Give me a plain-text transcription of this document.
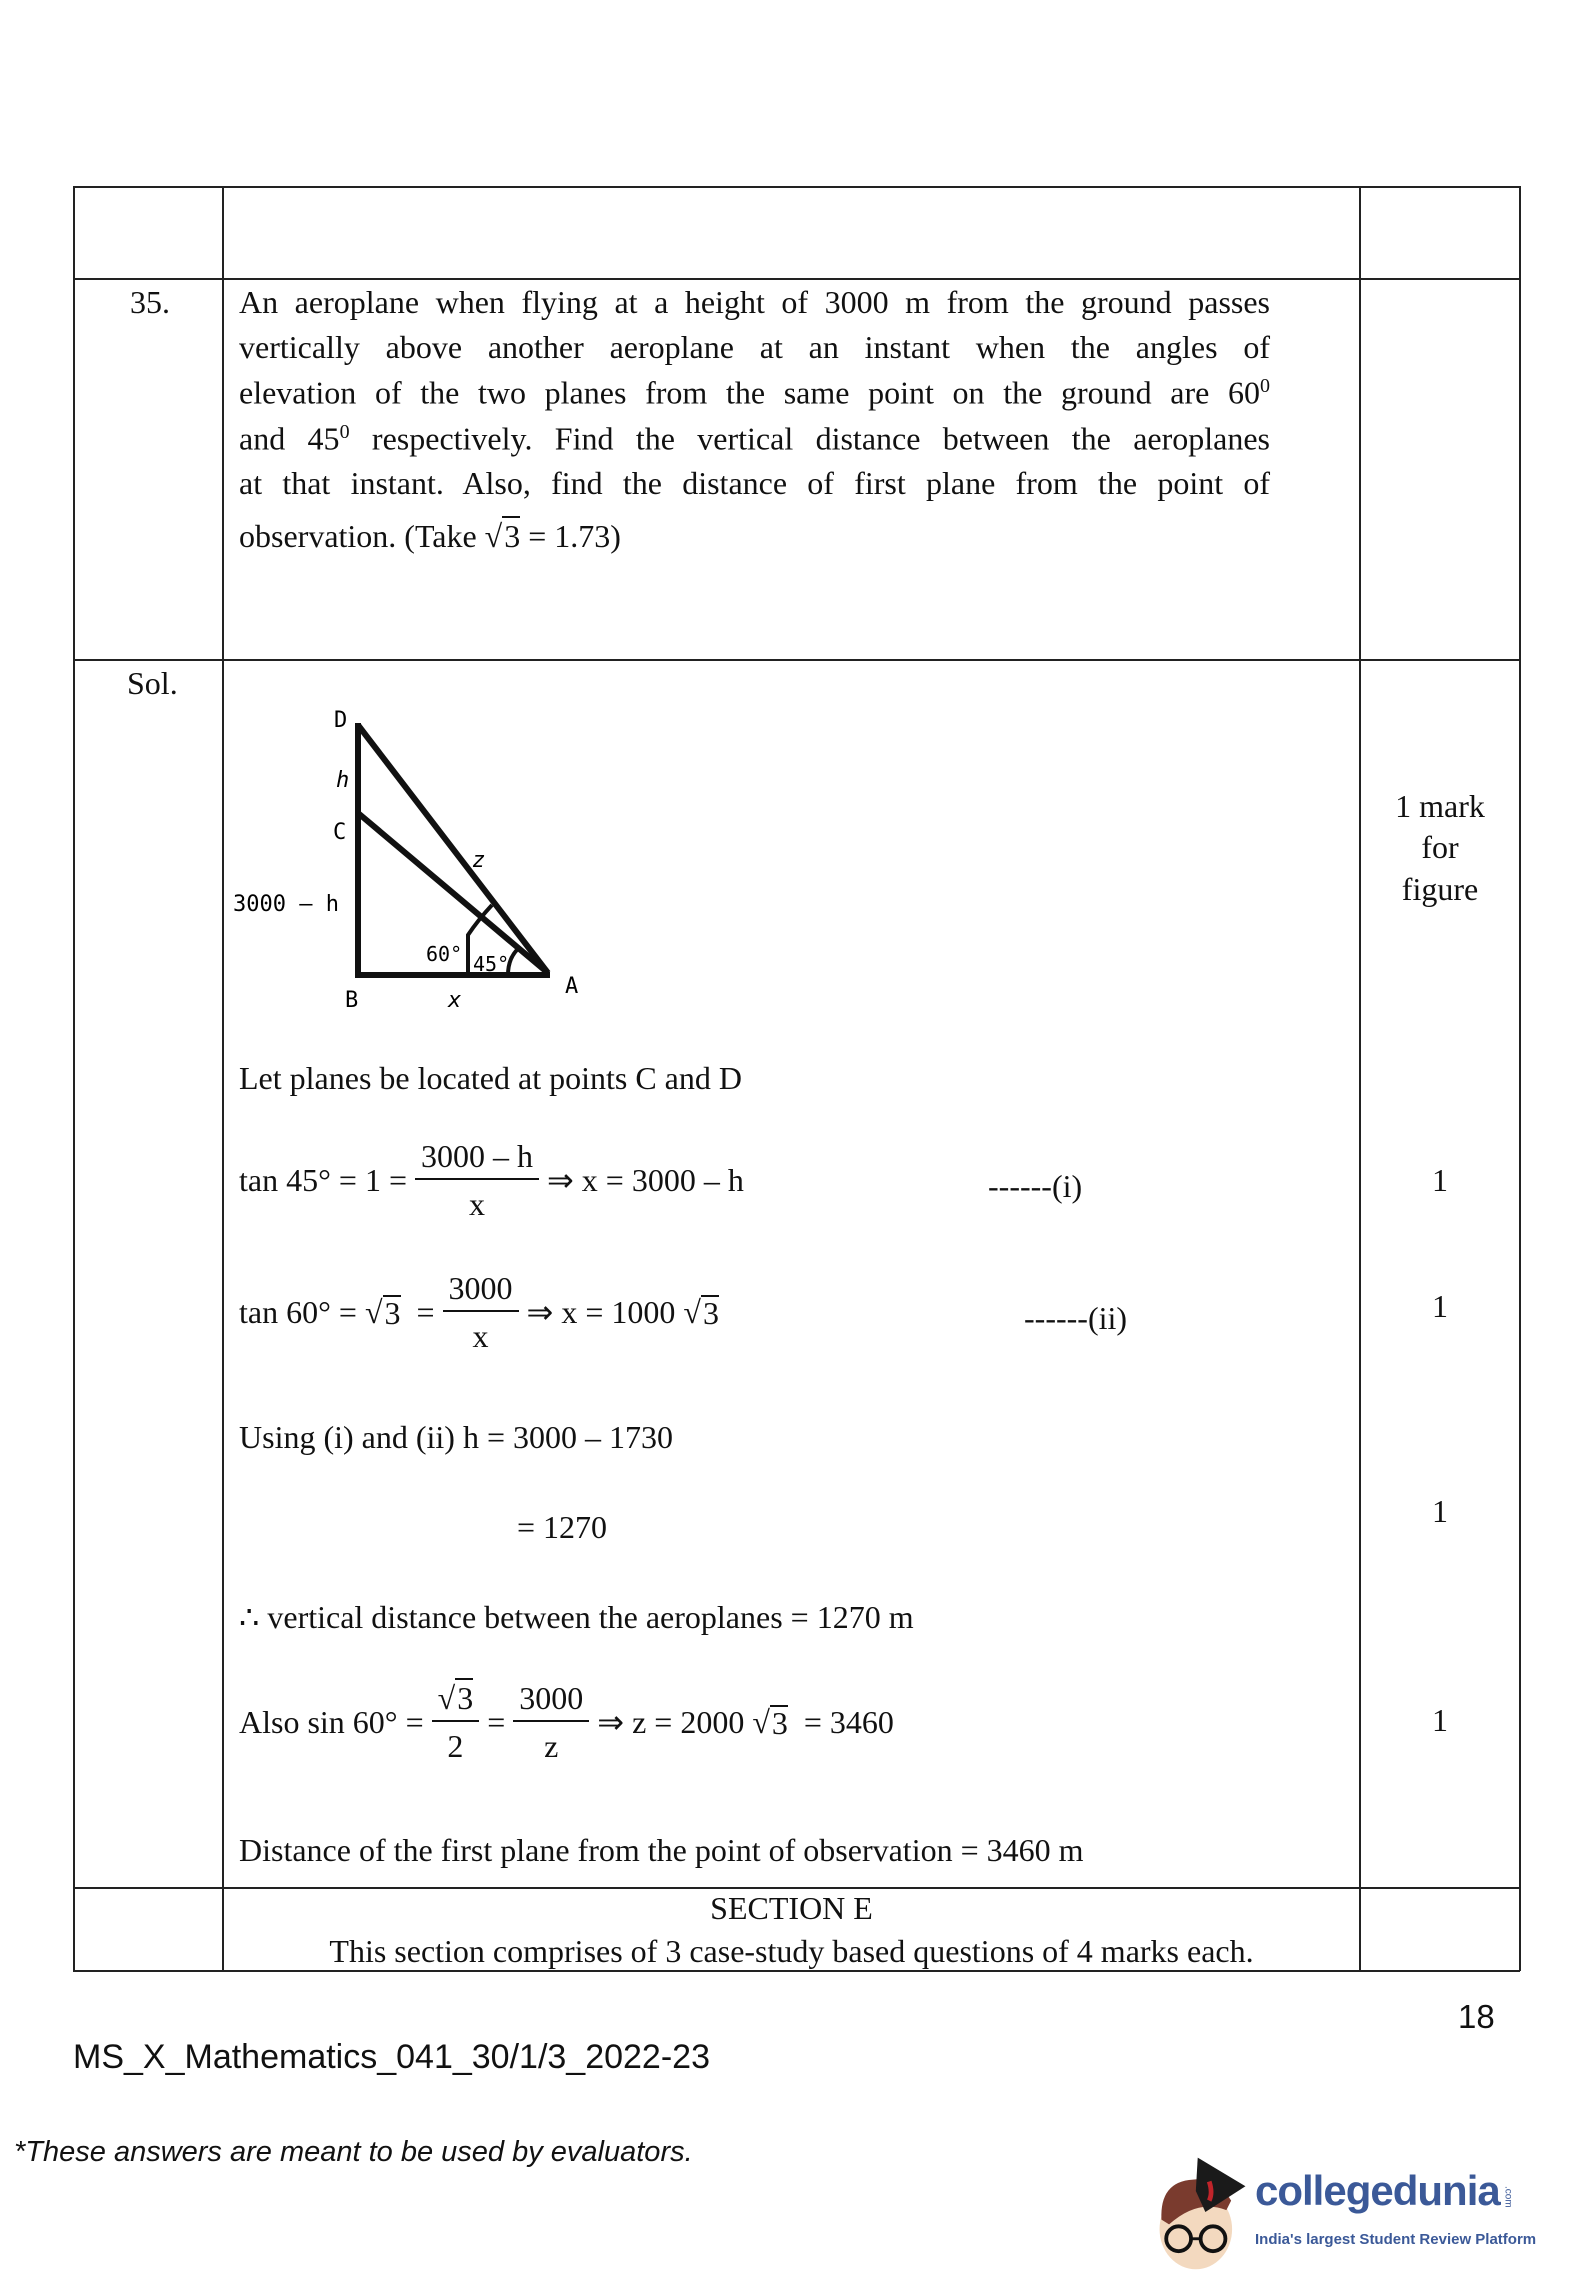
35. An aeroplane when flying at a height of 3000 m from the ground passes
vertically above another aeroplane at an instant when the angles of
elevation of the two planes from the same point on the ground are $60^0$
and $45^0$ respectively. Find the vertical distance between the aeroplanes
at that instant. Also, find the distance of first plane from the point of
observation. (Take √3 = 1.73)
Sol.
D
h
C
3000 – h
z
60° 45°
B	x
A
1 mark
for
figure
Let planes be located at points C and D
$\tan 45^\circ = 1 = \frac{3000 - h}{x}$ ⇒ x = 3000 – h	------(i)	1
tan 60° = √ 3
= $\frac{3000}{x}$ ⇒ x = 1000 √ 3	------(ii)	1
Using (i) and (ii) h = 3000 – 1730
= 1270	1
∴ vertical distance between the aeroplanes = 1270 m
Also $\sin 60^\circ = \frac{√3}{2} = \frac{3000}{z}$ ⇒ z = 2000 √ 3
= 3460	1
Distance of the first plane from the point of observation = 3460 m
SECTION E
This section comprises of 3 case-study based questions of 4 marks each.
18
MS_X_Mathematics_041_30/1/3_2022-23
*These answers are meant to be used by evaluators.
collegedunia .com
India's largest Student Review Platform
